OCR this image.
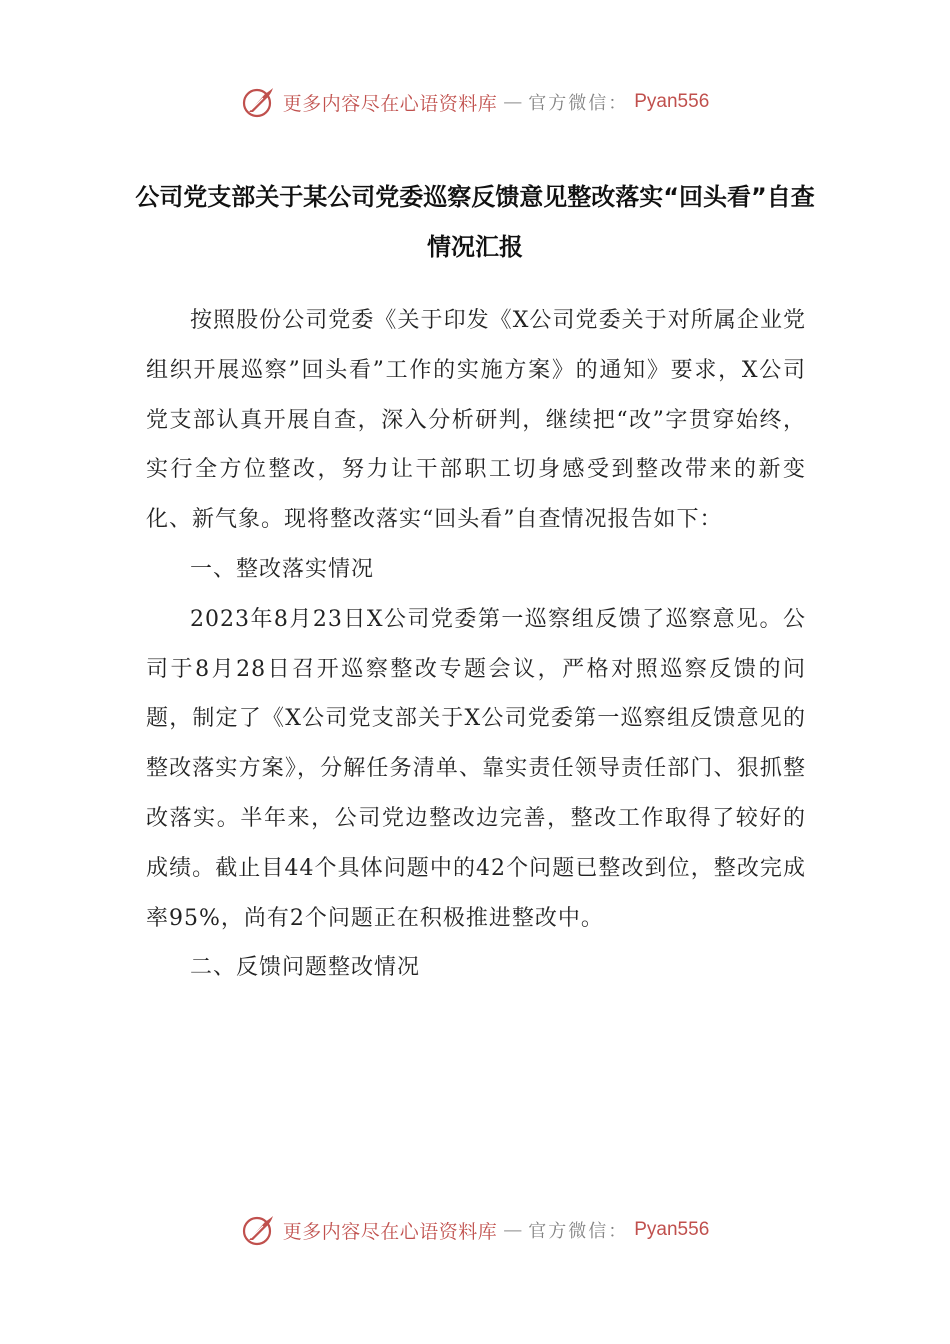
更多内容尽在心语资料库 — 官方微信： Pyan556
公司党支部关于某公司党委巡察反馈意见整改落实“回头看”自查情况汇报

按照股份公司党委《关于印发《X公司党委关于对所属企业党组织开展巡察”回头看”工作的实施方案》的通知》要求，X公司党支部认真开展自查，深入分析研判，继续把“改”字贯穿始终，实行全方位整改，努力让干部职工切身感受到整改带来的新变化、新气象。现将整改落实“回头看”自查情况报告如下：

一、整改落实情况

2023年8月23日X公司党委第一巡察组反馈了巡察意见。公司于8月28日召开巡察整改专题会议，严格对照巡察反馈的问题，制定了《X公司党支部关于X公司党委第一巡察组反馈意见的整改落实方案》，分解任务清单、靠实责任领导责任部门、狠抓整改落实。半年来，公司党边整改边完善，整改工作取得了较好的成绩。截止目44个具体问题中的42个问题已整改到位，整改完成率95%，尚有2个问题正在积极推进整改中。

二、反馈问题整改情况

更多内容尽在心语资料库 — 官方微信： Pyan556
